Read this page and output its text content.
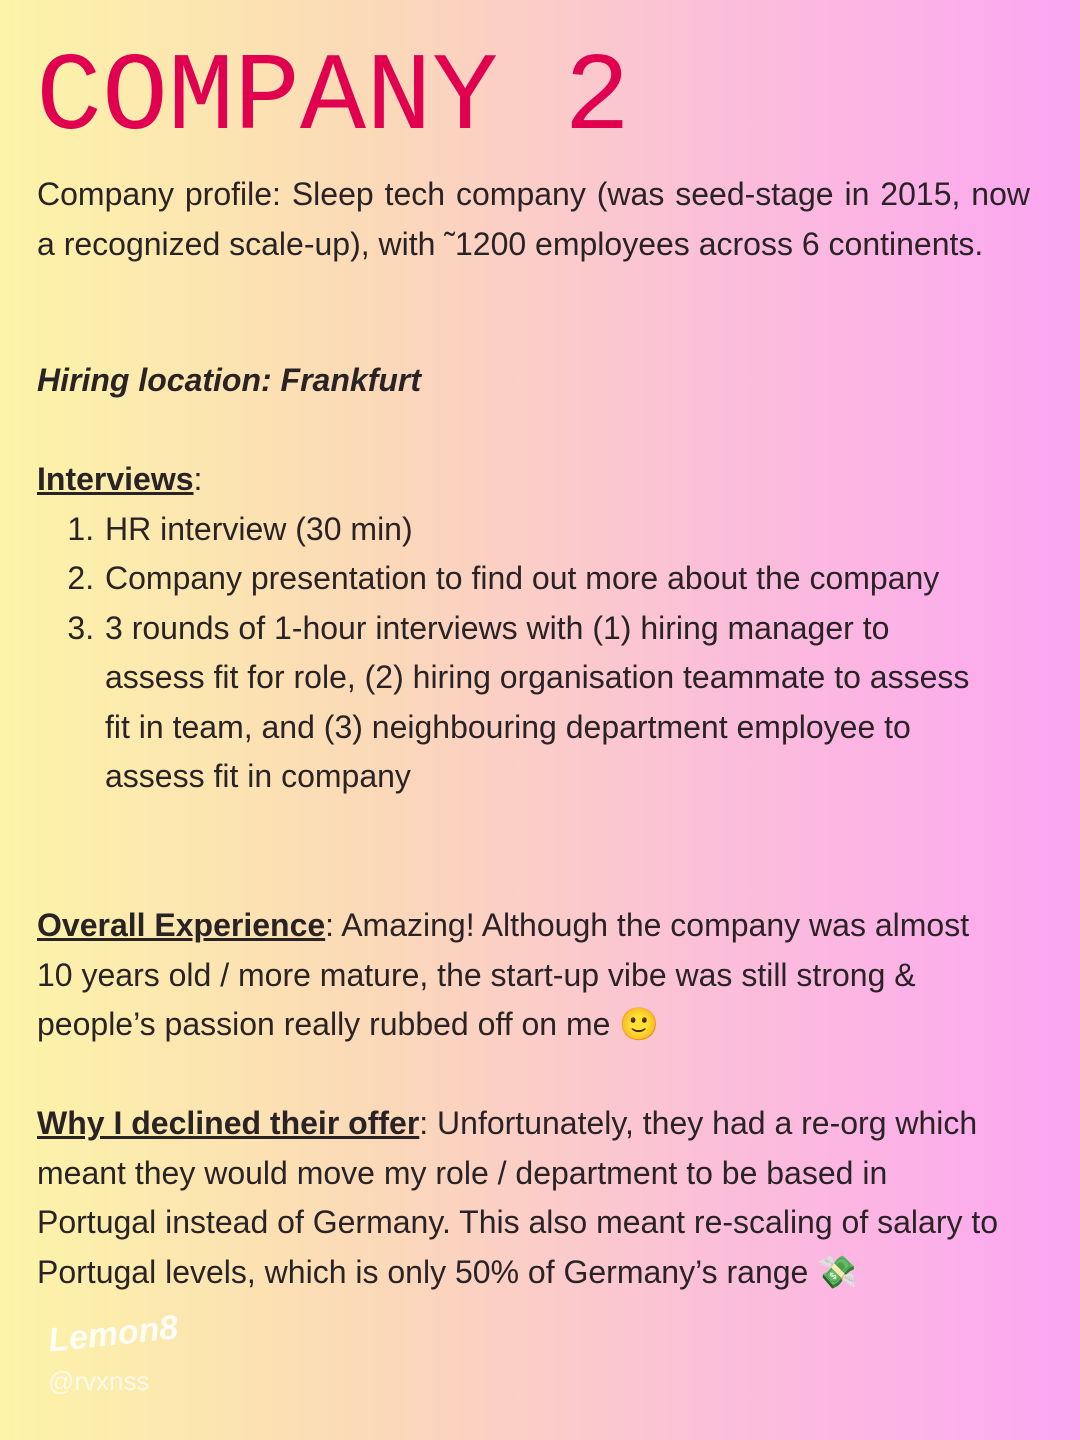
COMPANY 2
Company profile: Sleep tech company (was seed-stage in 2015, now a recognized scale-up), with ˜1200 employees across 6 continents.
Hiring location: Frankfurt
Interviews:
1. HR interview (30 min)
2. Company presentation to find out more about the company
3. 3 rounds of 1-hour interviews with (1) hiring manager to assess fit for role, (2) hiring organisation teammate to assess fit in team, and (3) neighbouring department employee to assess fit in company
Overall Experience: Amazing! Although the company was almost 10 years old / more mature, the start-up vibe was still strong & people’s passion really rubbed off on me 🙂
Why I declined their offer: Unfortunately, they had a re-org which meant they would move my role / department to be based in Portugal instead of Germany. This also meant re-scaling of salary to Portugal levels, which is only 50% of Germany’s range 💸
Lemon8
@rvxnss
